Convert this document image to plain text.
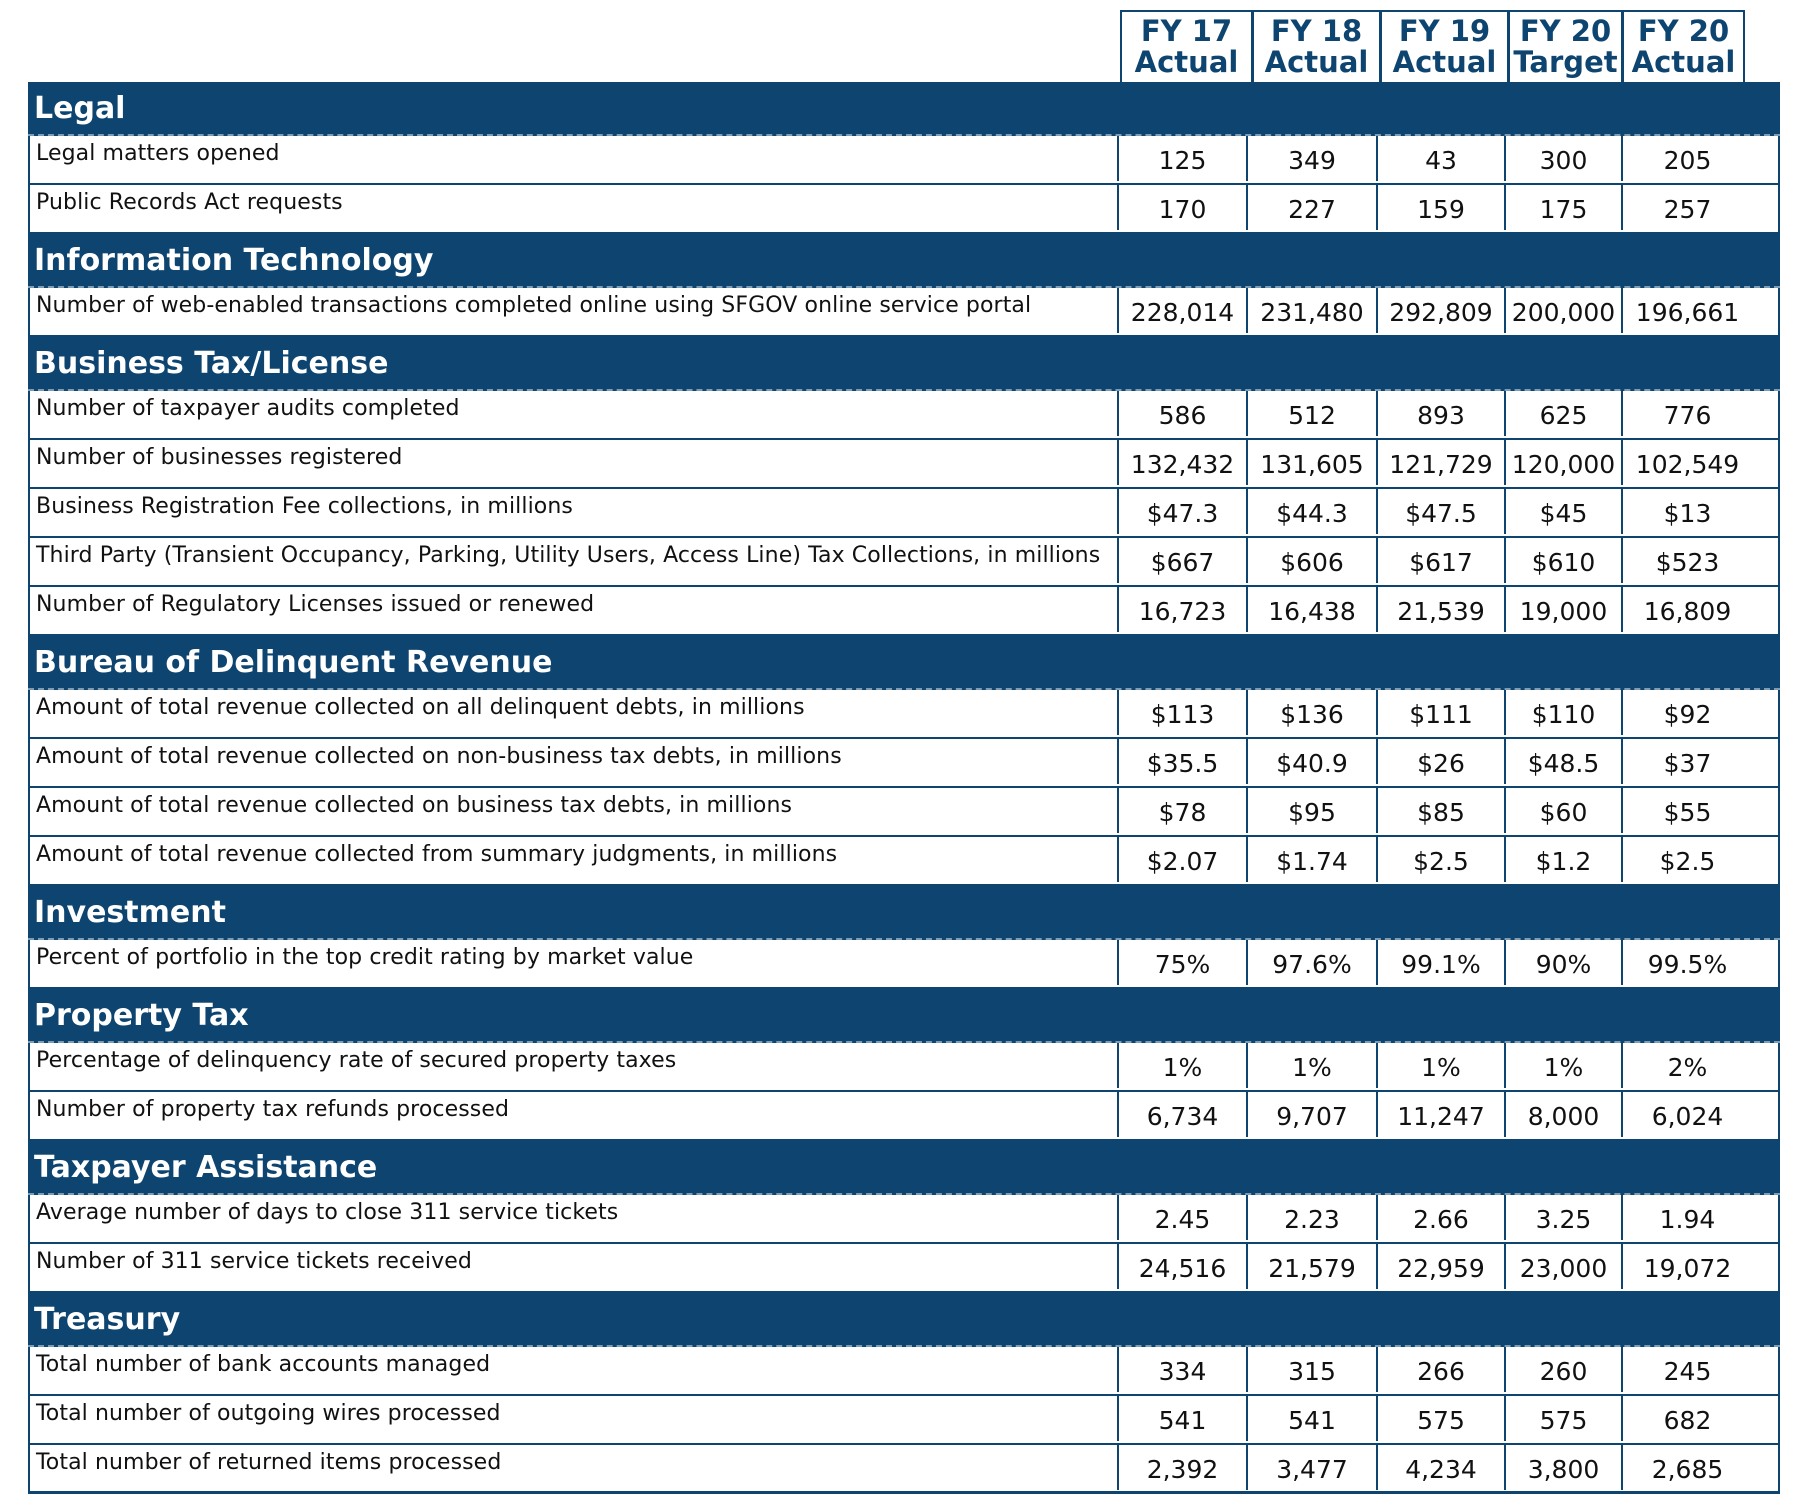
FY 17
Actual
FY 18
Actual
FY 19
Actual
FY 20
Target
FY 20
Actual
Legal
Legal matters opened	125	349	43	300	205
Public Records Act requests	170	227	159	175	257
Information Technology
Number of web-enabled transactions completed online using SFGOV online service portal	228,014	231,480	292,809 200,000 196,661
Business Tax/License
Number of taxpayer audits completed	586	512	893	625	776
Number of businesses registered	132,432	131,605	121,729 120,000 102,549
Business Registration Fee collections, in millions	$47.3	$44.3	$47.5	$45	$13
Third Party (Transient Occupancy, Parking, Utility Users, Access Line) Tax Collections, in millions	$667	$606	$617	$610	$523
Number of Regulatory Licenses issued or renewed	16,723	16,438	21,539	19,000	16,809
Bureau of Delinquent Revenue
Amount of total revenue collected on all delinquent debts, in millions	$113	$136	$111	$110	$92
Amount of total revenue collected on non-business tax debts, in millions	$35.5	$40.9	$26	$48.5	$37
Amount of total revenue collected on business tax debts, in millions	$78	$95	$85	$60	$55
Amount of total revenue collected from summary judgments, in millions	$2.07	$1.74	$2.5	$1.2	$2.5
Investment
Percent of portfolio in the top credit rating by market value	75%	97.6%	99.1%	90%	99.5%
Property Tax
Percentage of delinquency rate of secured property taxes	1%	1%	1%	1%	2%
Number of property tax refunds processed	6,734	9,707	11,247	8,000	6,024
Taxpayer Assistance
Average number of days to close 311 service tickets	2.45	2.23	2.66	3.25	1.94
Number of 311 service tickets received	24,516	21,579	22,959	23,000	19,072
Treasury
Total number of bank accounts managed	334	315	266	260	245
Total number of outgoing wires processed	541	541	575	575	682
Total number of returned items processed	2,392	3,477	4,234	3,800	2,685
